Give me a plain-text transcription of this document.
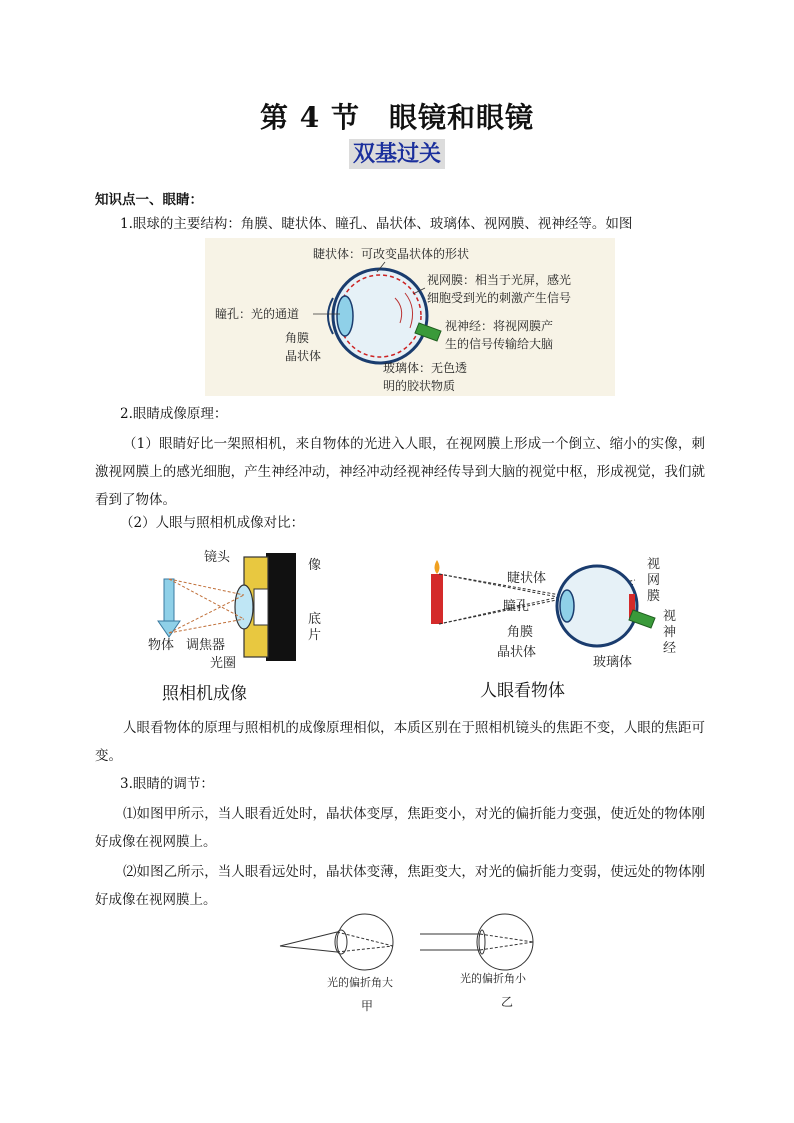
第 4 节　眼镜和眼镜
双基过关
知识点一、眼睛：
1.眼球的主要结构：角膜、睫状体、瞳孔、晶状体、玻璃体、视网膜、视神经等。如图
睫状体：可改变晶状体的形状
视网膜：相当于光屏，感光
细胞受到光的刺激产生信号
瞳孔：光的通道
视神经：将视网膜产
生的信号传输给大脑
角膜
晶状体
玻璃体：无色透
明的胶状物质
2.眼睛成像原理：
（1）眼睛好比一架照相机，来自物体的光进入人眼，在视网膜上形成一个倒立、缩小的实像，刺激视网膜上的感光细胞，产生神经冲动，神经冲动经视神经传导到大脑的视觉中枢，形成视觉，我们就看到了物体。
（2）人眼与照相机成像对比：
镜头
像
底
片
物体 调焦器
光圈
照相机成像
睫状体
瞳孔
角膜
晶状体
玻璃体
视
网
膜
视
神
经
人眼看物体
人眼看物体的原理与照相机的成像原理相似，本质区别在于照相机镜头的焦距不变，人眼的焦距可变。
3.眼睛的调节：
⑴如图甲所示，当人眼看近处时，晶状体变厚，焦距变小，对光的偏折能力变强，使近处的物体刚好成像在视网膜上。
⑵如图乙所示，当人眼看远处时，晶状体变薄，焦距变大，对光的偏折能力变弱，使远处的物体刚好成像在视网膜上。
光的偏折角大
甲
光的偏折角小
乙
